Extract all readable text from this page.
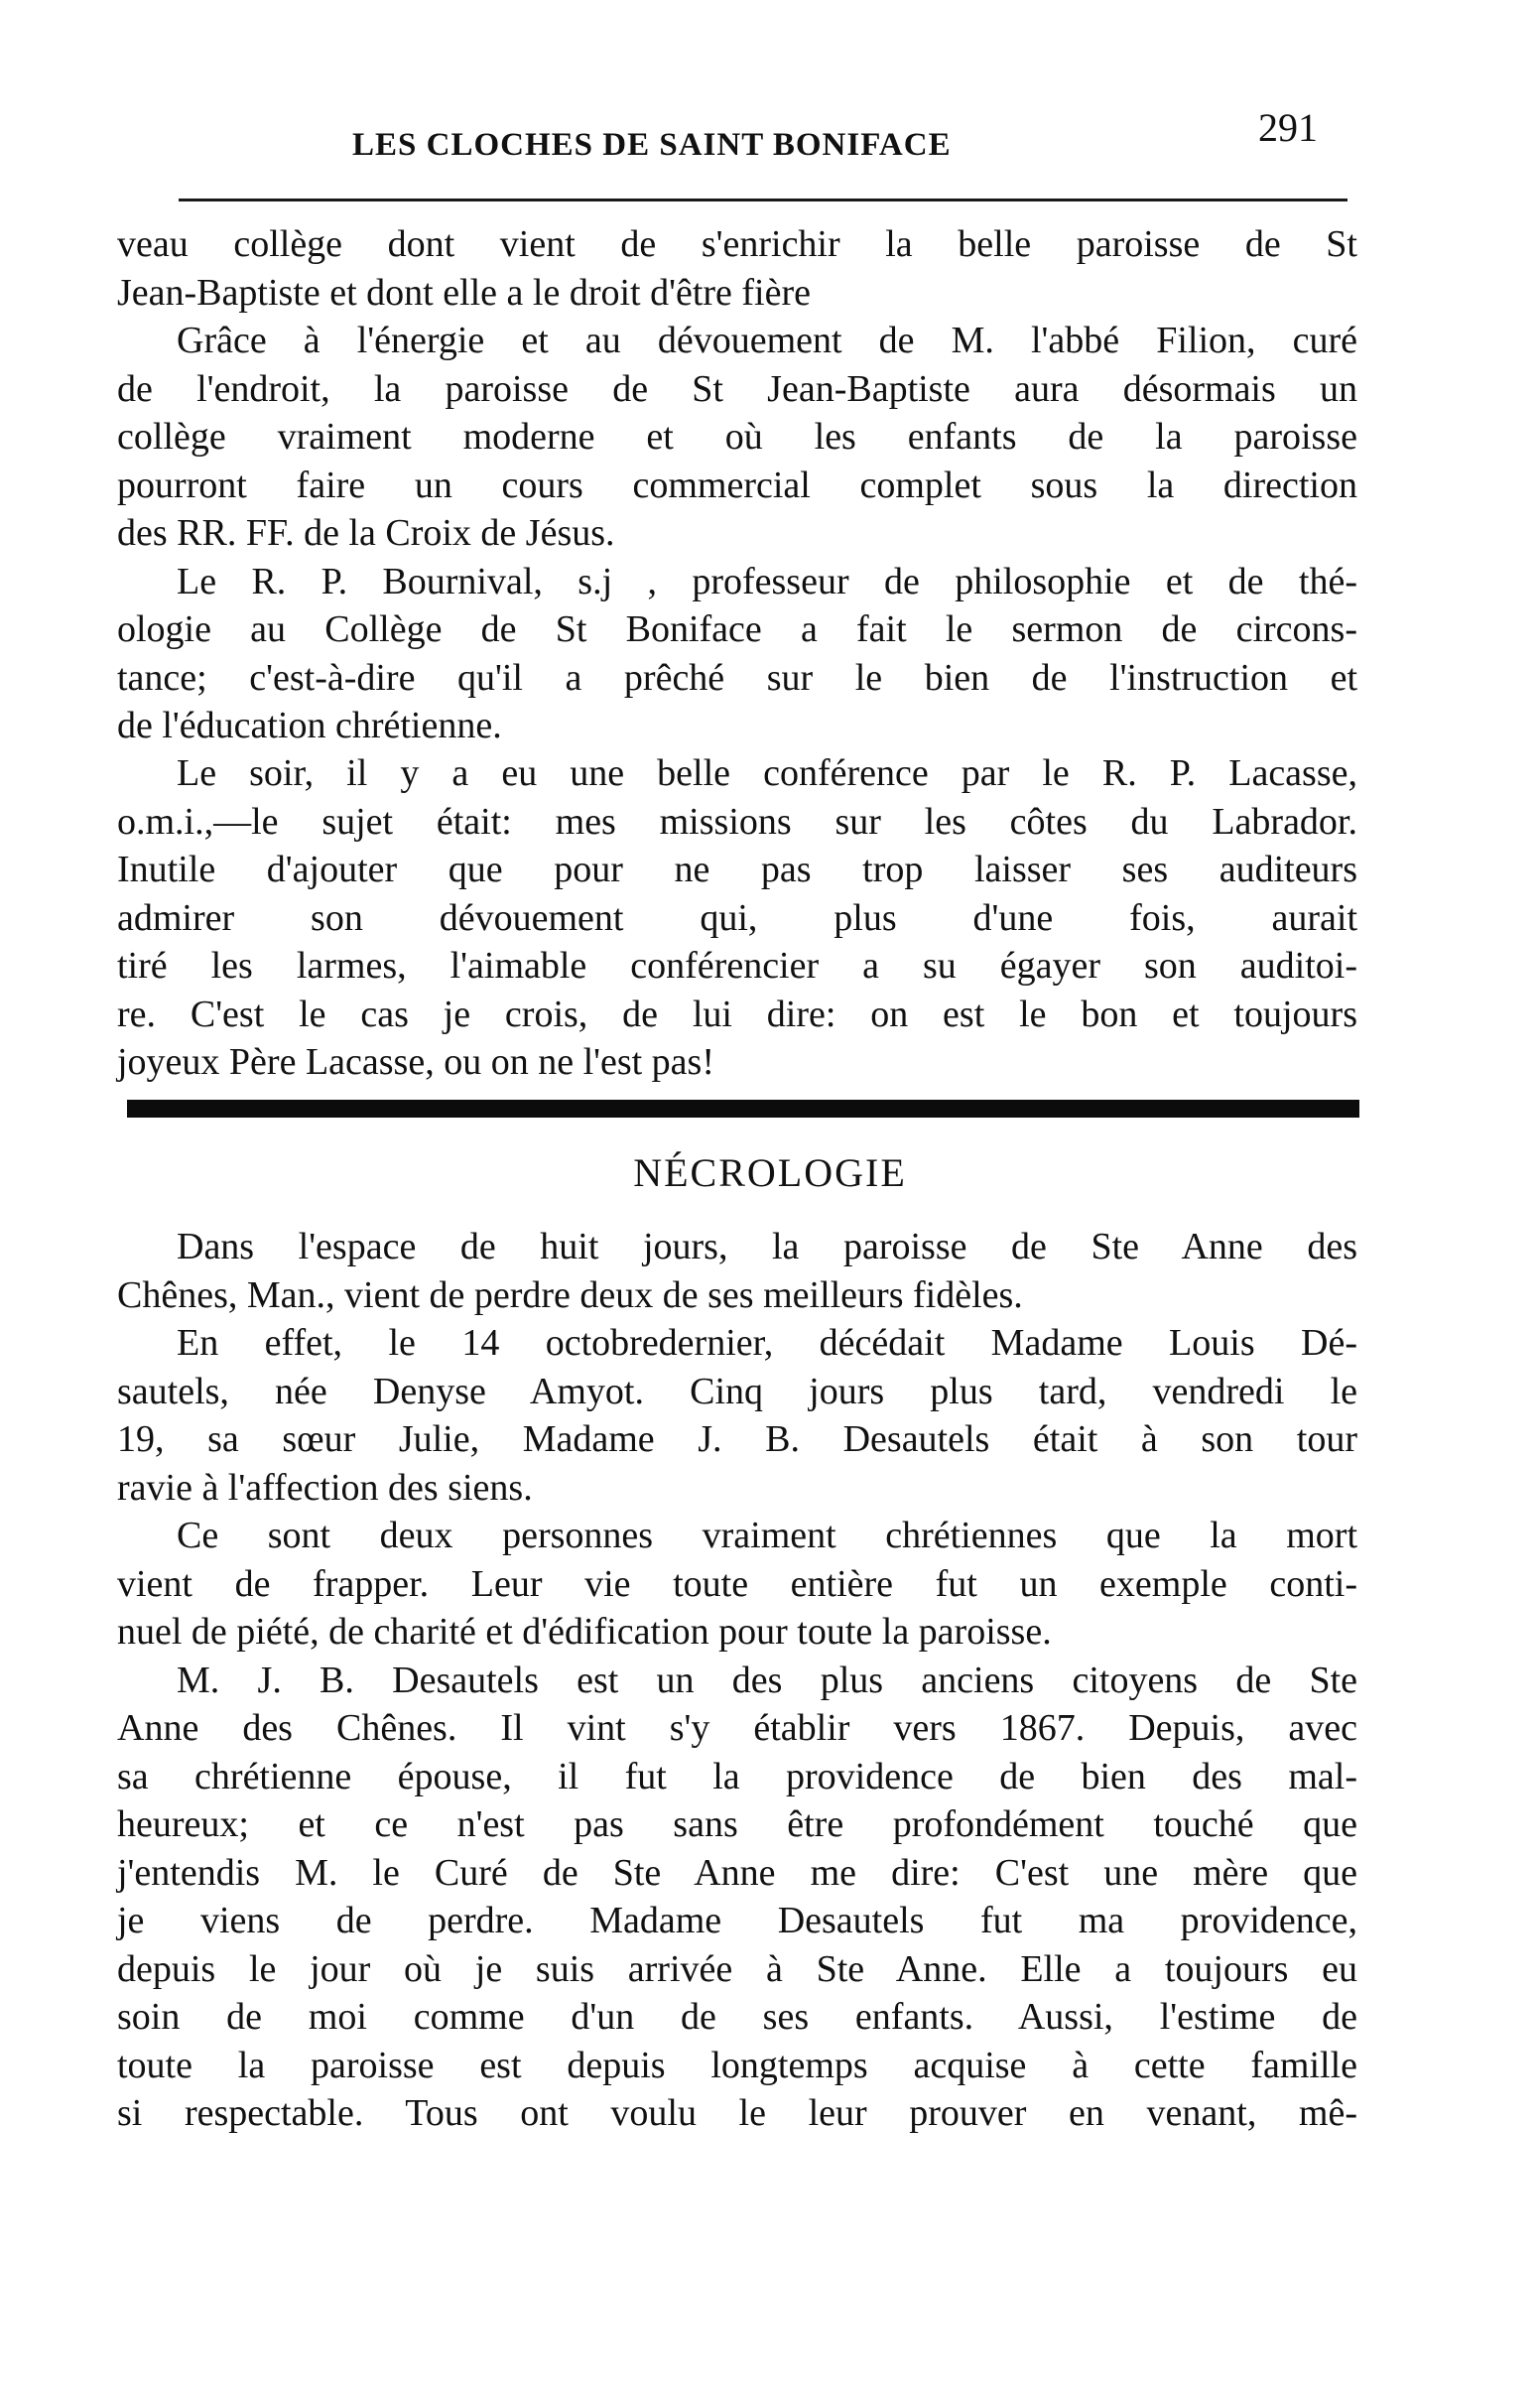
LES CLOCHES DE SAINT BONIFACE	291
veau collège dont vient de s'enrichir la belle paroisse de St
Jean-Baptiste et dont elle a le droit d'être fière
Grâce à l'énergie et au dévouement de M. l'abbé Filion, curé
de l'endroit, la paroisse de St Jean-Baptiste aura désormais un
collège vraiment moderne et où les enfants de la paroisse
pourront faire un cours commercial complet sous la direction
des RR. FF. de la Croix de Jésus.
Le R. P. Bournival, s.j , professeur de philosophie et de thé-
ologie au Collège de St Boniface a fait le sermon de circons-
tance; c'est-à-dire qu'il a prêché sur le bien de l'instruction et
de l'éducation chrétienne.
Le soir, il y a eu une belle conférence par le R. P. Lacasse,
o.m.i.,—le sujet était: mes missions sur les côtes du Labrador.
Inutile d'ajouter que pour ne pas trop laisser ses auditeurs
admirer son dévouement qui, plus d'une fois, aurait
tiré les larmes, l'aimable conférencier a su égayer son auditoi-
re. C'est le cas je crois, de lui dire: on est le bon et toujours
joyeux Père Lacasse, ou on ne l'est pas!
NÉCROLOGIE
Dans l'espace de huit jours, la paroisse de Ste Anne des
Chênes, Man., vient de perdre deux de ses meilleurs fidèles.
En effet, le 14 octobredernier, décédait Madame Louis Dé-
sautels, née Denyse Amyot. Cinq jours plus tard, vendredi le
19, sa sœur Julie, Madame J. B. Desautels était à son tour
ravie à l'affection des siens.
Ce sont deux personnes vraiment chrétiennes que la mort
vient de frapper. Leur vie toute entière fut un exemple conti-
nuel de piété, de charité et d'édification pour toute la paroisse.
M. J. B. Desautels est un des plus anciens citoyens de Ste
Anne des Chênes. Il vint s'y établir vers 1867. Depuis, avec
sa chrétienne épouse, il fut la providence de bien des mal-
heureux; et ce n'est pas sans être profondément touché que
j'entendis M. le Curé de Ste Anne me dire: C'est une mère que
je viens de perdre. Madame Desautels fut ma providence,
depuis le jour où je suis arrivée à Ste Anne. Elle a toujours eu
soin de moi comme d'un de ses enfants. Aussi, l'estime de
toute la paroisse est depuis longtemps acquise à cette famille
si respectable. Tous ont voulu le leur prouver en venant, mê-
